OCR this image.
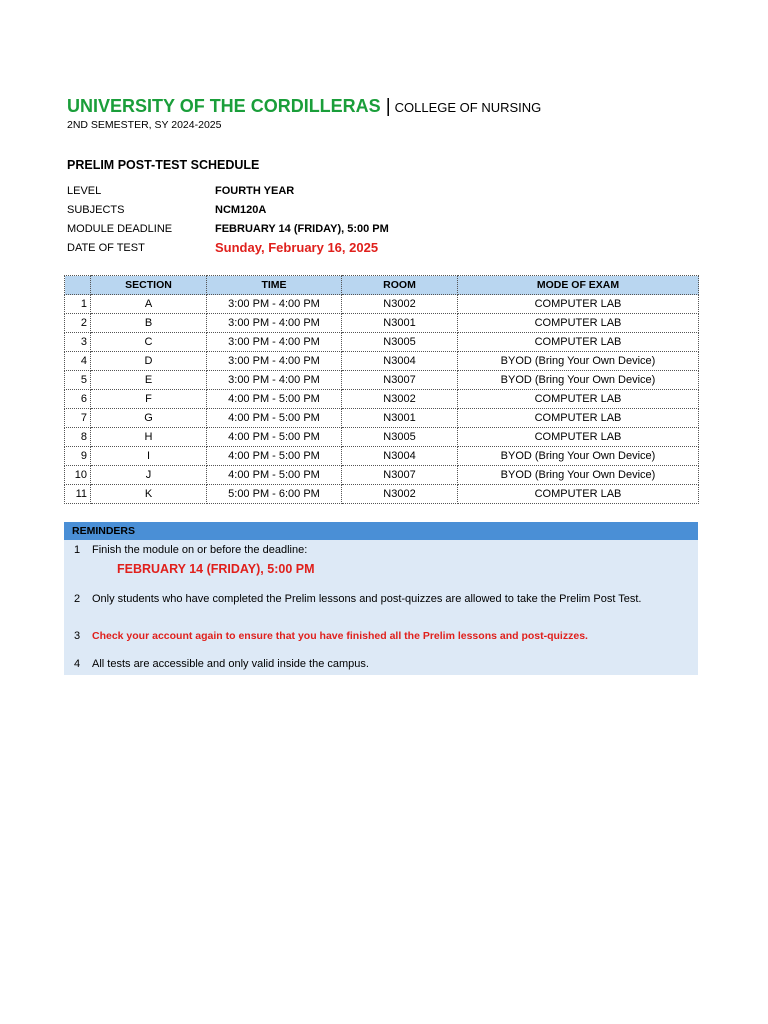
UNIVERSITY OF THE CORDILLERAS | COLLEGE OF NURSING
2ND SEMESTER, SY 2024-2025
PRELIM POST-TEST SCHEDULE
LEVEL	FOURTH YEAR
SUBJECTS	NCM120A
MODULE DEADLINE	FEBRUARY 14 (FRIDAY), 5:00 PM
DATE OF TEST	Sunday, February 16, 2025
	SECTION	TIME	ROOM	MODE OF EXAM
1	A	3:00 PM - 4:00 PM	N3002	COMPUTER LAB
2	B	3:00 PM - 4:00 PM	N3001	COMPUTER LAB
3	C	3:00 PM - 4:00 PM	N3005	COMPUTER LAB
4	D	3:00 PM - 4:00 PM	N3004	BYOD (Bring Your Own Device)
5	E	3:00 PM - 4:00 PM	N3007	BYOD (Bring Your Own Device)
6	F	4:00 PM - 5:00 PM	N3002	COMPUTER LAB
7	G	4:00 PM - 5:00 PM	N3001	COMPUTER LAB
8	H	4:00 PM - 5:00 PM	N3005	COMPUTER LAB
9	I	4:00 PM - 5:00 PM	N3004	BYOD (Bring Your Own Device)
10	J	4:00 PM - 5:00 PM	N3007	BYOD (Bring Your Own Device)
11	K	5:00 PM - 6:00 PM	N3002	COMPUTER LAB
REMINDERS
1 Finish the module on or before the deadline:
FEBRUARY 14 (FRIDAY), 5:00 PM
2 Only students who have completed the Prelim lessons and post-quizzes are allowed to take the Prelim Post Test.
3 Check your account again to ensure that you have finished all the Prelim lessons and post-quizzes.
4 All tests are accessible and only valid inside the campus.
